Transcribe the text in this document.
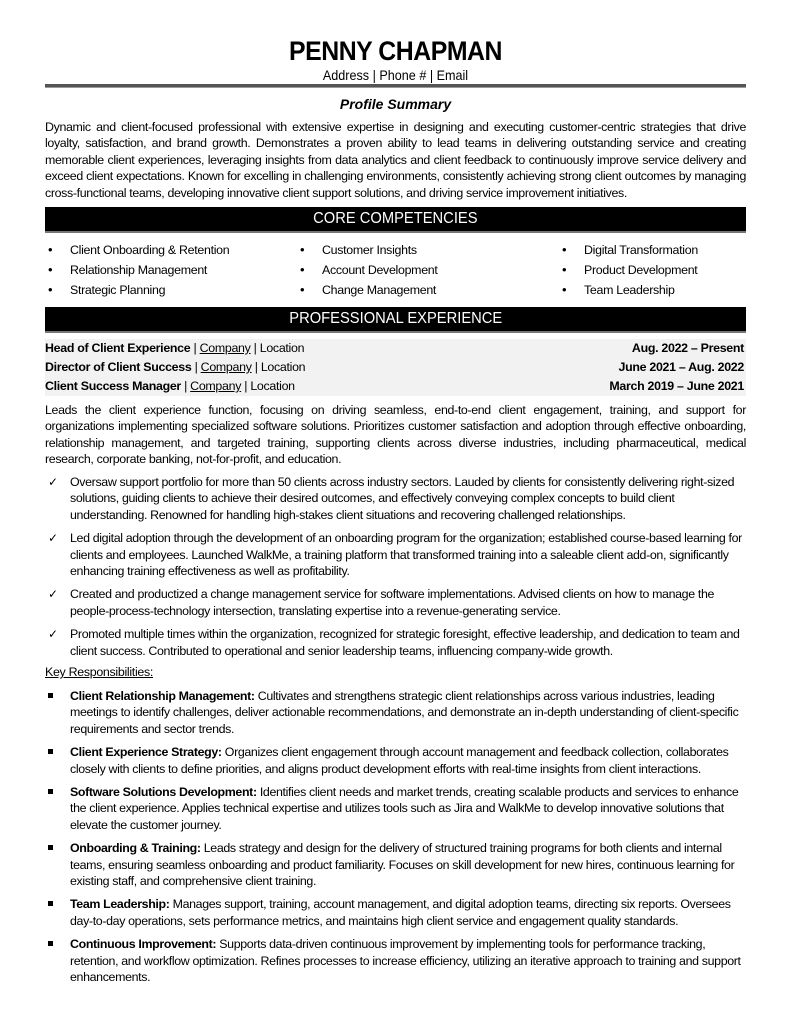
PENNY CHAPMAN
Address | Phone # | Email
Profile Summary
Dynamic and client-focused professional with extensive expertise in designing and executing customer-centric strategies that drive loyalty, satisfaction, and brand growth. Demonstrates a proven ability to lead teams in delivering outstanding service and creating memorable client experiences, leveraging insights from data analytics and client feedback to continuously improve service delivery and exceed client expectations. Known for excelling in challenging environments, consistently achieving strong client outcomes by managing cross-functional teams, developing innovative client support solutions, and driving service improvement initiatives.
CORE COMPETENCIES
• Client Onboarding & Retention
• Relationship Management
• Strategic Planning
• Customer Insights
• Account Development
• Change Management
• Digital Transformation
• Product Development
• Team Leadership
PROFESSIONAL EXPERIENCE
Head of Client Experience | Company | Location	Aug. 2022 – Present
Director of Client Success | Company | Location	June 2021 – Aug. 2022
Client Success Manager | Company | Location	March 2019 – June 2021
Leads the client experience function, focusing on driving seamless, end-to-end client engagement, training, and support for organizations implementing specialized software solutions. Prioritizes customer satisfaction and adoption through effective onboarding, relationship management, and targeted training, supporting clients across diverse industries, including pharmaceutical, medical research, corporate banking, not-for-profit, and education.
✓ Oversaw support portfolio for more than 50 clients across industry sectors. Lauded by clients for consistently delivering right-sized solutions, guiding clients to achieve their desired outcomes, and effectively conveying complex concepts to build client understanding. Renowned for handling high-stakes client situations and recovering challenged relationships.
✓ Led digital adoption through the development of an onboarding program for the organization; established course-based learning for clients and employees. Launched WalkMe, a training platform that transformed training into a saleable client add-on, significantly enhancing training effectiveness as well as profitability.
✓ Created and productized a change management service for software implementations. Advised clients on how to manage the people-process-technology intersection, translating expertise into a revenue-generating service.
✓ Promoted multiple times within the organization, recognized for strategic foresight, effective leadership, and dedication to team and client success. Contributed to operational and senior leadership teams, influencing company-wide growth.
Key Responsibilities:
Client Relationship Management: Cultivates and strengthens strategic client relationships across various industries, leading meetings to identify challenges, deliver actionable recommendations, and demonstrate an in-depth understanding of client-specific requirements and sector trends.
Client Experience Strategy: Organizes client engagement through account management and feedback collection, collaborates closely with clients to define priorities, and aligns product development efforts with real-time insights from client interactions.
Software Solutions Development: Identifies client needs and market trends, creating scalable products and services to enhance the client experience. Applies technical expertise and utilizes tools such as Jira and WalkMe to develop innovative solutions that elevate the customer journey.
Onboarding & Training: Leads strategy and design for the delivery of structured training programs for both clients and internal teams, ensuring seamless onboarding and product familiarity. Focuses on skill development for new hires, continuous learning for existing staff, and comprehensive client training.
Team Leadership: Manages support, training, account management, and digital adoption teams, directing six reports. Oversees day-to-day operations, sets performance metrics, and maintains high client service and engagement quality standards.
Continuous Improvement: Supports data-driven continuous improvement by implementing tools for performance tracking, retention, and workflow optimization. Refines processes to increase efficiency, utilizing an iterative approach to training and support enhancements.
